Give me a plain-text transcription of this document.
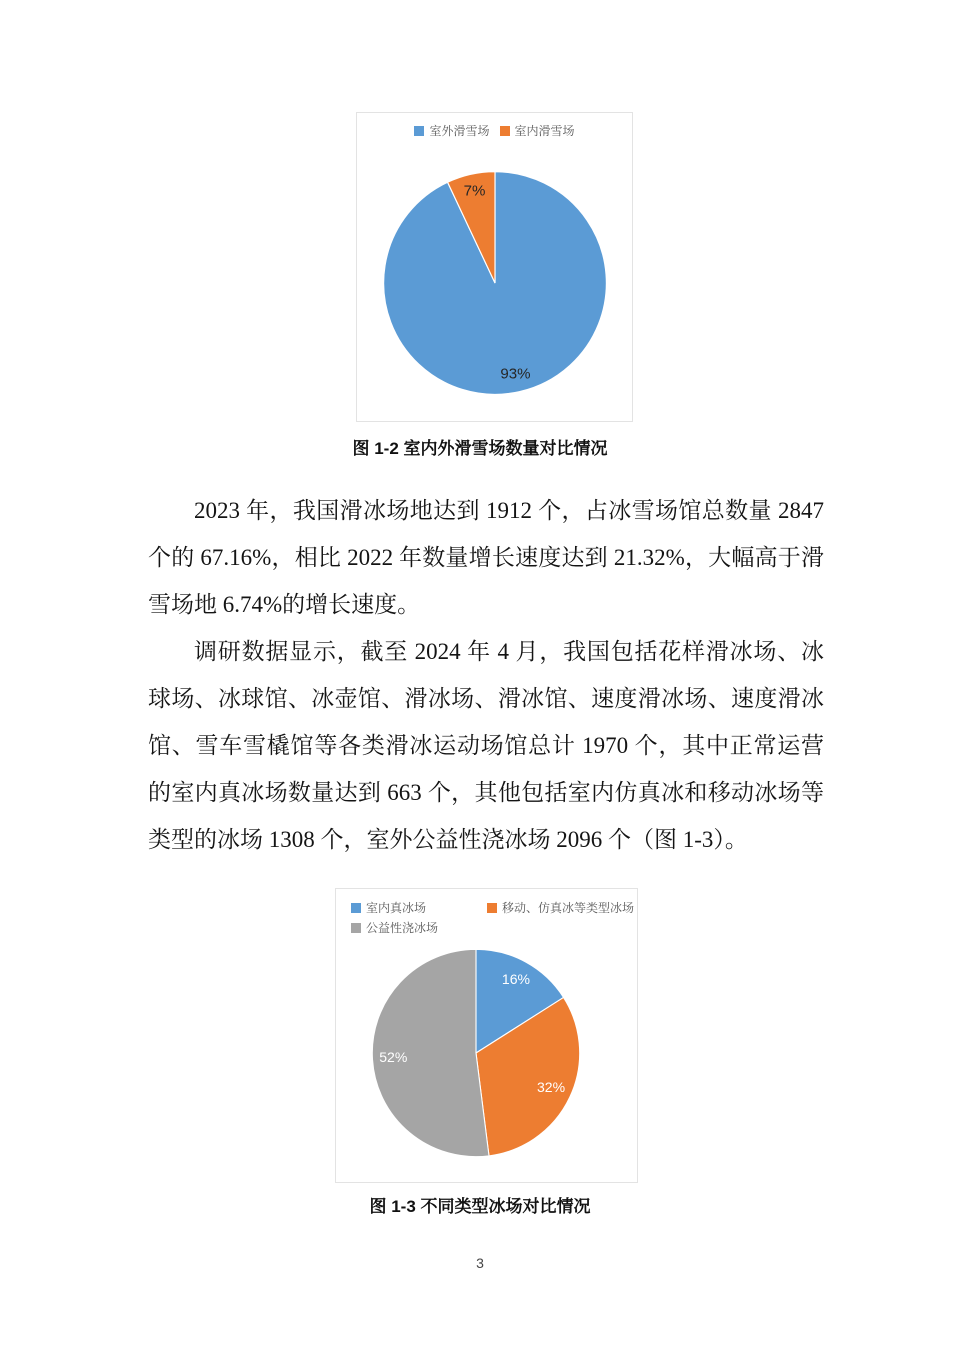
室外滑雪场 室内滑雪场
93%
7%
图 1-2 室内外滑雪场数量对比情况

2023 年，我国滑冰场地达到 1912 个，占冰雪场馆总数量 2847 个的 67.16%，相比 2022 年数量增长速度达到 21.32%，大幅高于滑雪场地 6.74%的增长速度。

调研数据显示，截至 2024 年 4 月，我国包括花样滑冰场、冰球场、冰球馆、冰壶馆、滑冰场、滑冰馆、速度滑冰场、速度滑冰馆、雪车雪橇馆等各类滑冰运动场馆总计 1970 个，其中正常运营的室内真冰场数量达到 663 个，其他包括室内仿真冰和移动冰场等类型的冰场 1308 个，室外公益性浇冰场 2096 个（图 1-3）。

室内真冰场	移动、仿真冰等类型冰场
公益性浇冰场
16%
32%
52%
图 1-3 不同类型冰场对比情况
3
